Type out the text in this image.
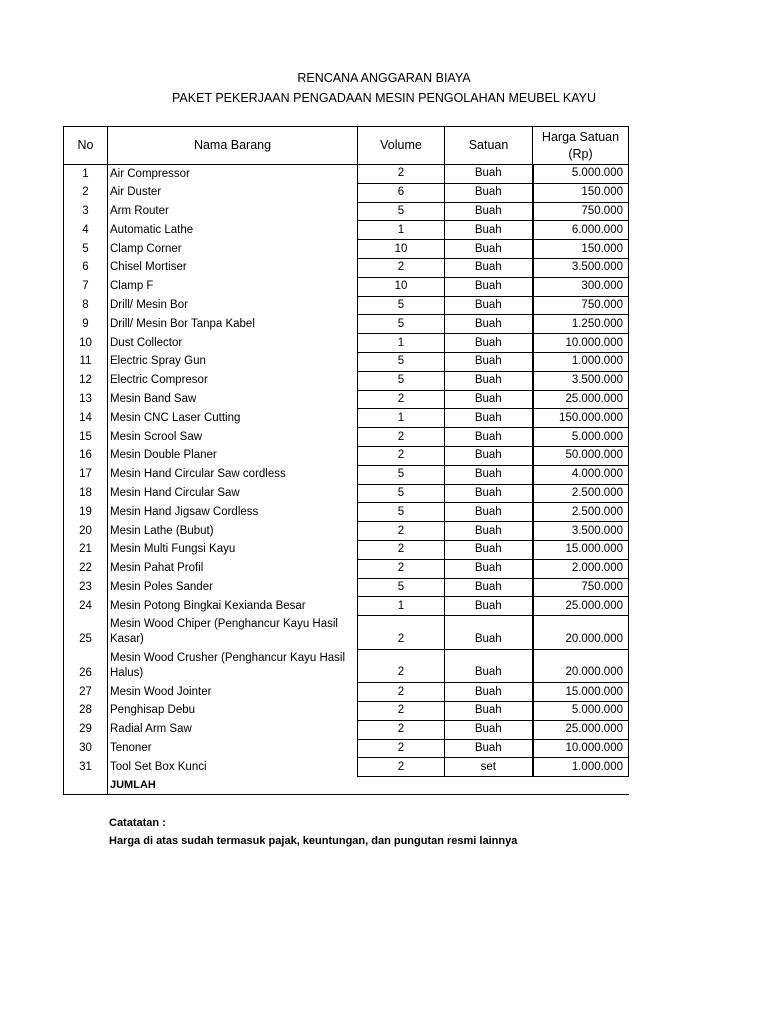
RENCANA ANGGARAN BIAYA
PAKET PEKERJAAN PENGADAAN MESIN PENGOLAHAN MEUBEL KAYU
No	Nama Barang	Volume	Satuan	Harga Satuan
(Rp)
1	Air Compressor	2	Buah	5.000.000
2	Air Duster	6	Buah	150.000
3	Arm Router	5	Buah	750.000
4	Automatic Lathe	1	Buah	6.000.000
5	Clamp Corner	10	Buah	150.000
6	Chisel Mortiser	2	Buah	3.500.000
7	Clamp F	10	Buah	300.000
8	Drill/ Mesin Bor	5	Buah	750.000
9	Drill/ Mesin Bor Tanpa Kabel	5	Buah	1.250.000
10	Dust Collector	1	Buah	10.000.000
11	Electric Spray Gun	5	Buah	1.000.000
12	Electric Compresor	5	Buah	3.500.000
13	Mesin Band Saw	2	Buah	25.000.000
14	Mesin CNC Laser Cutting	1	Buah	150.000.000
15	Mesin Scrool Saw	2	Buah	5.000.000
16	Mesin Double Planer	2	Buah	50.000.000
17	Mesin Hand Circular Saw cordless	5	Buah	4.000.000
18	Mesin Hand Circular Saw	5	Buah	2.500.000
19	Mesin Hand Jigsaw Cordless	5	Buah	2.500.000
20	Mesin Lathe (Bubut)	2	Buah	3.500.000
21	Mesin Multi Fungsi Kayu	2	Buah	15.000.000
22	Mesin Pahat Profil	2	Buah	2.000.000
23	Mesin Poles Sander	5	Buah	750.000
24	Mesin Potong Bingkai Kexianda Besar	1	Buah	25.000.000
25	Mesin Wood Chiper (Penghancur Kayu Hasil Kasar)	2	Buah	20.000.000
26	Mesin Wood Crusher (Penghancur Kayu Hasil Halus)	2	Buah	20.000.000
27	Mesin Wood Jointer	2	Buah	15.000.000
28	Penghisap Debu	2	Buah	5.000.000
29	Radial Arm Saw	2	Buah	25.000.000
30	Tenoner	2	Buah	10.000.000
31	Tool Set Box Kunci	2	set	1.000.000
	JUMLAH			
Catatatan :
Harga di atas sudah termasuk pajak, keuntungan, dan pungutan resmi lainnya
